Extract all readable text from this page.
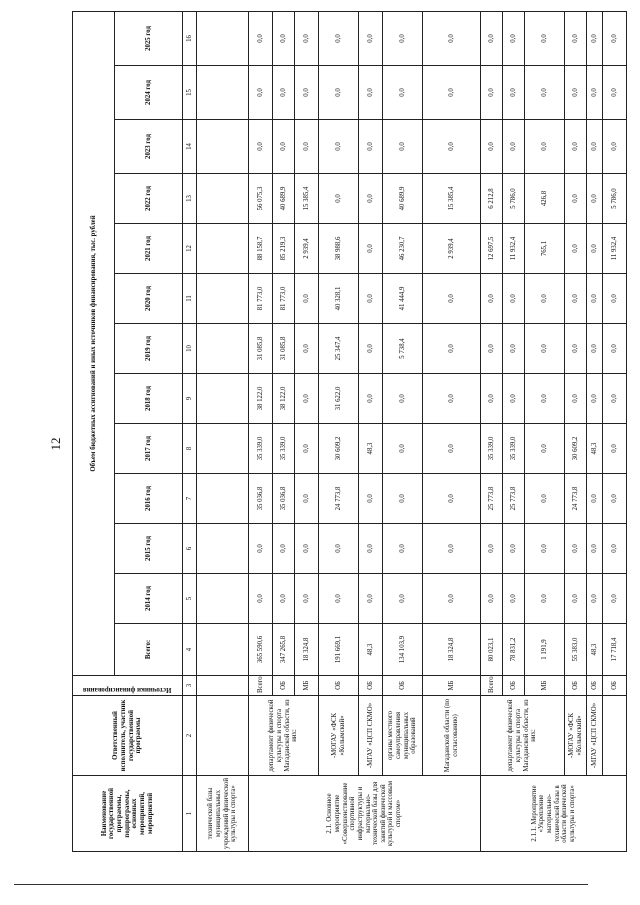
12
Наименование государственной программы, подпрограммы, основных мероприятий, мероприятий	Ответственный исполнитель, участник государственной программы	Источники финансирования	Объем бюджетных ассигнований и иных источников финансирования, тыс. рублей												
			Всего:	2014 год	2015 год	2016 год	2017 год	2018 год	2019 год	2020 год	2021 год	2022 год	2023 год	2024 год	2025 год
1	2	3	4	5	6	7	8	9	10	11	12	13	14	15	16
технической базы муниципальных учреждений физической культуры и спорта»															
2.1. Основное мероприятие «Совершенствование спортивной инфраструктуры и материально-технической базы для занятий физической культурой и массовым спортом»	департамент физической культуры и спорта Магаданской области, из них:	Всего	365 590,6	0,0	0,0	35 036,8	35 339,0	38 122,0	31 085,8	81 773,0	88 158,7	56 075,3	0,0	0,0	0,0
		ОБ	347 265,8	0,0	0,0	35 036,8	35 339,0	38 122,0	31 085,8	81 773,0	85 219,3	40 689,9	0,0	0,0	0,0
		МБ	18 324,8	0,0	0,0	0,0	0,0	0,0	0,0	0,0	2 939,4	15 385,4	0,0	0,0	0,0
	-МОГАУ «ФСК «Колымский»	ОБ	191 669,1	0,0	0,0	24 773,8	30 609,2	31 622,0	25 347,4	40 328,1	38 988,6	0,0	0,0	0,0	0,0
	-МГАУ «ЦСП СКМО»	ОБ	48,3	0,0	0,0	0,0	48,3	0,0	0,0	0,0	0,0	0,0	0,0	0,0	0,0
	органы местного самоуправления муниципальных образований	ОБ	134 103,9	0,0	0,0	0,0	0,0	0,0	5 738,4	41 444,9	46 230,7	40 689,9	0,0	0,0	0,0
	Магаданской области (по согласованию)	МБ	18 324,8	0,0	0,0	0,0	0,0	0,0	0,0	0,0	2 939,4	15 385,4	0,0	0,0	0,0
2.1.1. Мероприятие «Укрепление материально-технической базы в области физической культуры и спорта»	департамент физической культуры и спорта Магаданской области, из них:	Всего	80 023,1	0,0	0,0	25 773,8	35 339,0	0,0	0,0	0,0	12 697,5	6 212,8	0,0	0,0	0,0
		ОБ	78 831,2	0,0	0,0	25 773,8	35 339,0	0,0	0,0	0,0	11 932,4	5 786,0	0,0	0,0	0,0
		МБ	1 191,9	0,0	0,0	0,0	0,0	0,0	0,0	0,0	765,1	426,8	0,0	0,0	0,0
	-МОГАУ «ФСК «Колымский»	ОБ	55 383,0	0,0	0,0	24 773,8	30 609,2	0,0	0,0	0,0	0,0	0,0	0,0	0,0	0,0
	-МГАУ «ЦСП СКМО»	ОБ	48,3	0,0	0,0	0,0	48,3	0,0	0,0	0,0	0,0	0,0	0,0	0,0	0,0
		ОБ	17 718,4	0,0	0,0	0,0	0,0	0,0	0,0	0,0	11 932,4	5 786,0	0,0	0,0	0,0
